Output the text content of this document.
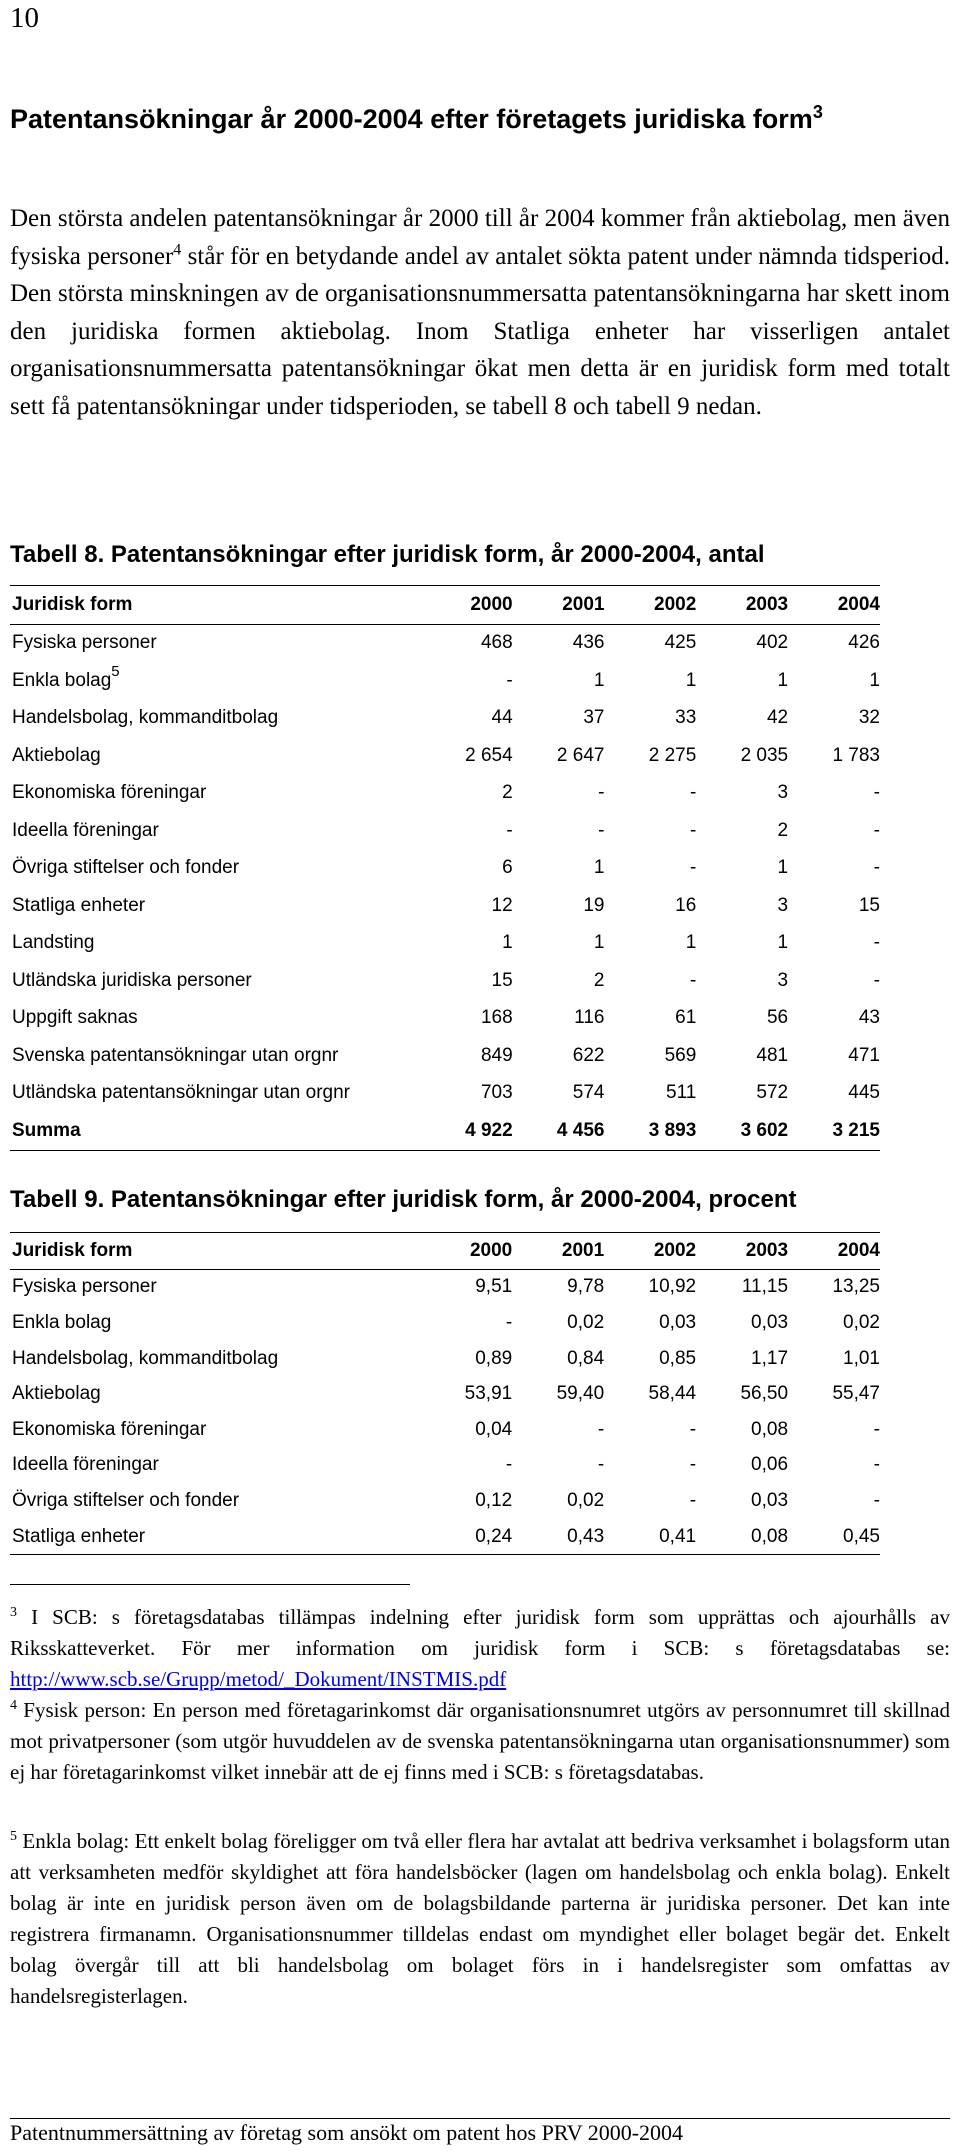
10
Patentansökningar år 2000-2004 efter företagets juridiska form$^3$

Den största andelen patentansökningar år 2000 till år 2004 kommer från aktiebolag, men även fysiska personer$^4$ står för en betydande andel av antalet sökta patent under nämnda tidsperiod. Den största minskningen av de organisationsnummersatta patentansökningarna har skett inom den juridiska formen aktiebolag. Inom Statliga enheter har visserligen antalet organisationsnummersatta patentansökningar ökat men detta är en juridisk form med totalt sett få patentansökningar under tidsperioden, se tabell 8 och tabell 9 nedan.

Tabell 8. Patentansökningar efter juridisk form, år 2000-2004, antal
Juridisk form	2000	2001	2002	2003	2004
Fysiska personer	468	436	425	402	426
Enkla bolag$^5$	-	1	1	1	1
Handelsbolag, kommanditbolag	44	37	33	42	32
Aktiebolag	2 654	2 647	2 275	2 035	1 783
Ekonomiska föreningar	2	-	-	3	-
Ideella föreningar	-	-	-	2	-
Övriga stiftelser och fonder	6	1	-	1	-
Statliga enheter	12	19	16	3	15
Landsting	1	1	1	1	-
Utländska juridiska personer	15	2	-	3	-
Uppgift saknas	168	116	61	56	43
Svenska patentansökningar utan orgnr	849	622	569	481	471
Utländska patentansökningar utan orgnr	703	574	511	572	445
Summa	4 922	4 456	3 893	3 602	3 215
Tabell 9. Patentansökningar efter juridisk form, år 2000-2004, procent
Juridisk form	2000	2001	2002	2003	2004
Fysiska personer	9,51	9,78	10,92	11,15	13,25
Enkla bolag	-	0,02	0,03	0,03	0,02
Handelsbolag, kommanditbolag	0,89	0,84	0,85	1,17	1,01
Aktiebolag	53,91	59,40	58,44	56,50	55,47
Ekonomiska föreningar	0,04	-	-	0,08	-
Ideella föreningar	-	-	-	0,06	-
Övriga stiftelser och fonder	0,12	0,02	-	0,03	-
Statliga enheter	0,24	0,43	0,41	0,08	0,45

$^3$ I SCB: s företagsdatabas tillämpas indelning efter juridisk form som upprättas och ajourhålls av Riksskatteverket. För mer information om juridisk form i SCB: s företagsdatabas se: http://www.scb.se/Grupp/metod/_Dokument/INSTMIS.pdf

$^4$ Fysisk person: En person med företagarinkomst där organisationsnumret utgörs av personnumret till skillnad mot privatpersoner (som utgör huvuddelen av de svenska patentansökningarna utan organisationsnummer) som ej har företagarinkomst vilket innebär att de ej finns med i SCB: s företagsdatabas.

$^5$ Enkla bolag: Ett enkelt bolag föreligger om två eller flera har avtalat att bedriva verksamhet i bolagsform utan att verksamheten medför skyldighet att föra handelsböcker (lagen om handelsbolag och enkla bolag). Enkelt bolag är inte en juridisk person även om de bolagsbildande parterna är juridiska personer. Det kan inte registrera firmanamn. Organisationsnummer tilldelas endast om myndighet eller bolaget begär det. Enkelt bolag övergår till att bli handelsbolag om bolaget förs in i handelsregister som omfattas av handelsregisterlagen.

Patentnummersättning av företag som ansökt om patent hos PRV 2000-2004
